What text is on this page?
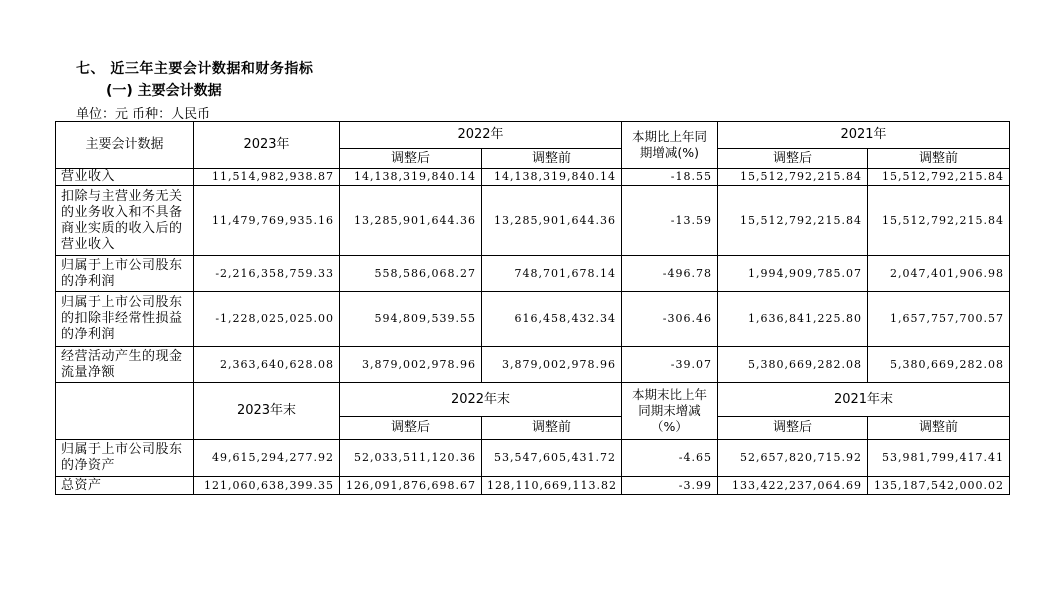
七、 近三年主要会计数据和财务指标
(一) 主要会计数据
单位：元 币种：人民币
主要会计数据	2023年	2022年		本期比上年同期增减(%)	2021年	
		调整后	调整前		调整后	调整前
营业收入	11,514,982,938.87	14,138,319,840.14	14,138,319,840.14	-18.55	15,512,792,215.84	15,512,792,215.84
扣除与主营业务无关的业务收入和不具备商业实质的收入后的营业收入	11,479,769,935.16	13,285,901,644.36	13,285,901,644.36	-13.59	15,512,792,215.84	15,512,792,215.84
归属于上市公司股东的净利润	-2,216,358,759.33	558,586,068.27	748,701,678.14	-496.78	1,994,909,785.07	2,047,401,906.98
归属于上市公司股东的扣除非经常性损益的净利润	-1,228,025,025.00	594,809,539.55	616,458,432.34	-306.46	1,636,841,225.80	1,657,757,700.57
经营活动产生的现金流量净额	2,363,640,628.08	3,879,002,978.96	3,879,002,978.96	-39.07	5,380,669,282.08	5,380,669,282.08
	2023年末	2022年末		本期末比上年同期末增减（%）	2021年末	
		调整后	调整前		调整后	调整前
归属于上市公司股东的净资产	49,615,294,277.92	52,033,511,120.36	53,547,605,431.72	-4.65	52,657,820,715.92	53,981,799,417.41
总资产	121,060,638,399.35	126,091,876,698.67	128,110,669,113.82	-3.99	133,422,237,064.69	135,187,542,000.02
